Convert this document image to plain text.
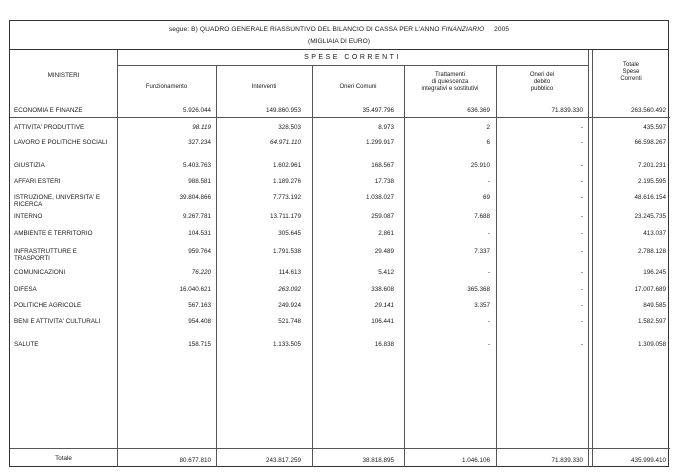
segue: B) QUADRO GENERALE RIASSUNTIVO DEL BILANCIO DI CASSA PER L'ANNO FINANZIARIO 2005
(MIGLIAIA DI EURO)
MINISTERI
SPESE CORRENTI
Funzionamento	Interventi	Oneri Comuni
Trattamenti
di quiescenza
integrativi e sostitutivi
Oneri del
debito
pubblico
Totale
Spese
Correnti
ECONOMIA E FINANZE	5.926.044	149.860.953	35.497.796	636.369	71.839.330	263.560.492
ATTIVITA' PRODUTTIVE	98.119	328.503	8.973	2	-	435.597
LAVORO E POLITICHE SOCIALI	327.234	64.971.110	1.299.917	6	-	66.598.267
GIUSTIZIA	5.403.763	1.602.961	168.567	25.910	-	7.201.231
AFFARI ESTERI	988.581	1.189.276	17.738	-	-	2.195.595
ISTRUZIONE, UNIVERSITA' E RICERCA
39.804.866	7.773.192	1.038.027	69	-	48.616.154
INTERNO	9.267.781	13.711.179	259.087	7.688	-	23.245.735
AMBIENTE E TERRITORIO	104.531	305.645	2.861	-	-	413.037
INFRASTRUTTURE E TRASPORTI
959.764	1.791.538	29.489	7.337	-	2.788.128
COMUNICAZIONI	76.220	114.613	5.412	-	-	196.245
DIFESA	16.040.621	263.092	338.608	365.368	-	17.007.689
POLITICHE AGRICOLE	567.163	249.924	29.141	3.357	-	849.585
BENI E ATTIVITA' CULTURALI	954.408	521.748	106.441	-	-	1.582.597
SALUTE	158.715	1.133.505	16.838	-	-	1.309.058
Totale	80.677.810	243.817.259	38.818.895	1.046.106	71.839.330	435.999.410
